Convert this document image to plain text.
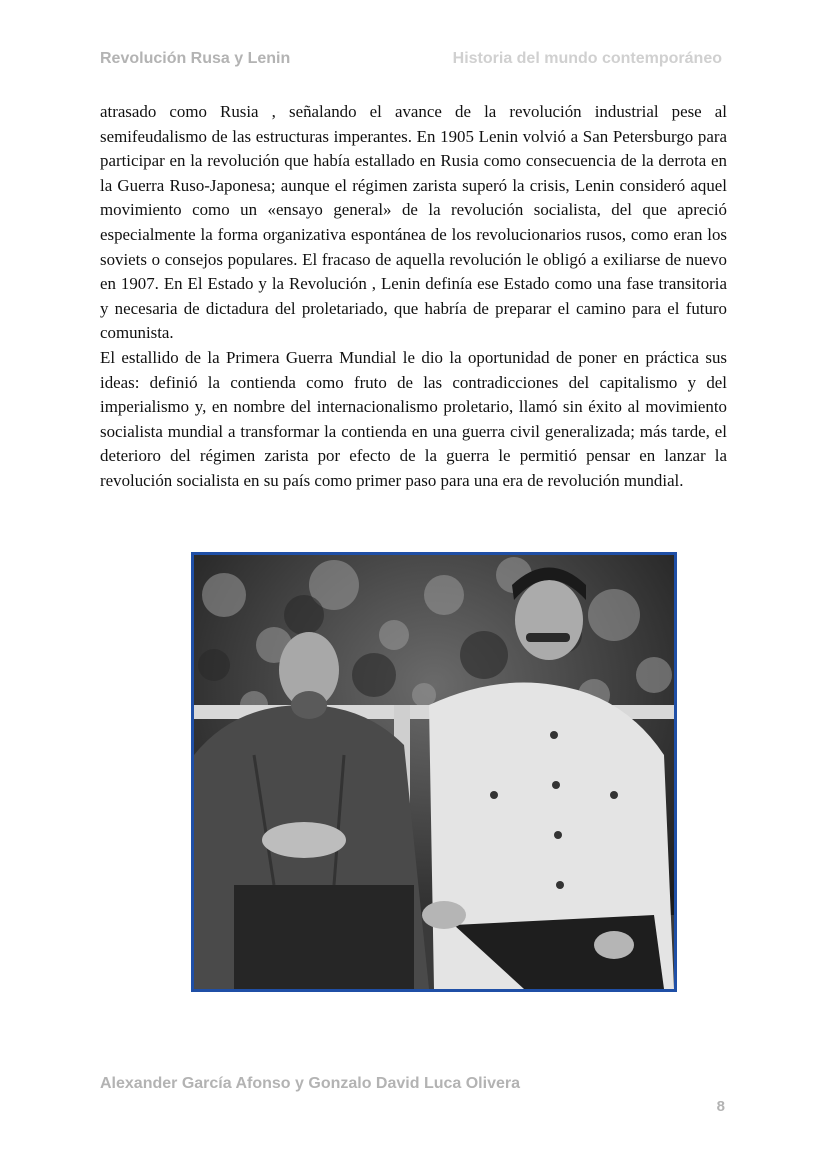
Revolución Rusa y Lenin	Historia del mundo contemporáneo

atrasado como Rusia , señalando el avance de la revolución industrial pese al semifeudalismo de las estructuras imperantes. En 1905 Lenin volvió a San Petersburgo para participar en la revolución que había estallado en Rusia como consecuencia de la derrota en la Guerra Ruso-Japonesa; aunque el régimen zarista superó la crisis, Lenin consideró aquel movimiento como un «ensayo general» de la revolución socialista, del que apreció especialmente la forma organizativa espontánea de los revolucionarios rusos, como eran los soviets o consejos populares. El fracaso de aquella revolución le obligó a exiliarse de nuevo en 1907. En El Estado y la Revolución , Lenin definía ese Estado como una fase transitoria y necesaria de dictadura del proletariado, que habría de preparar el camino para el futuro comunista.

El estallido de la Primera Guerra Mundial le dio la oportunidad de poner en práctica sus ideas: definió la contienda como fruto de las contradicciones del capitalismo y del imperialismo y, en nombre del internacionalismo proletario, llamó sin éxito al movimiento socialista mundial a transformar la contienda en una guerra civil generalizada; más tarde, el deterioro del régimen zarista por efecto de la guerra le permitió pensar en lanzar la revolución socialista en su país como primer paso para una era de revolución mundial.

Alexander García Afonso y Gonzalo David Luca Olivera
8
